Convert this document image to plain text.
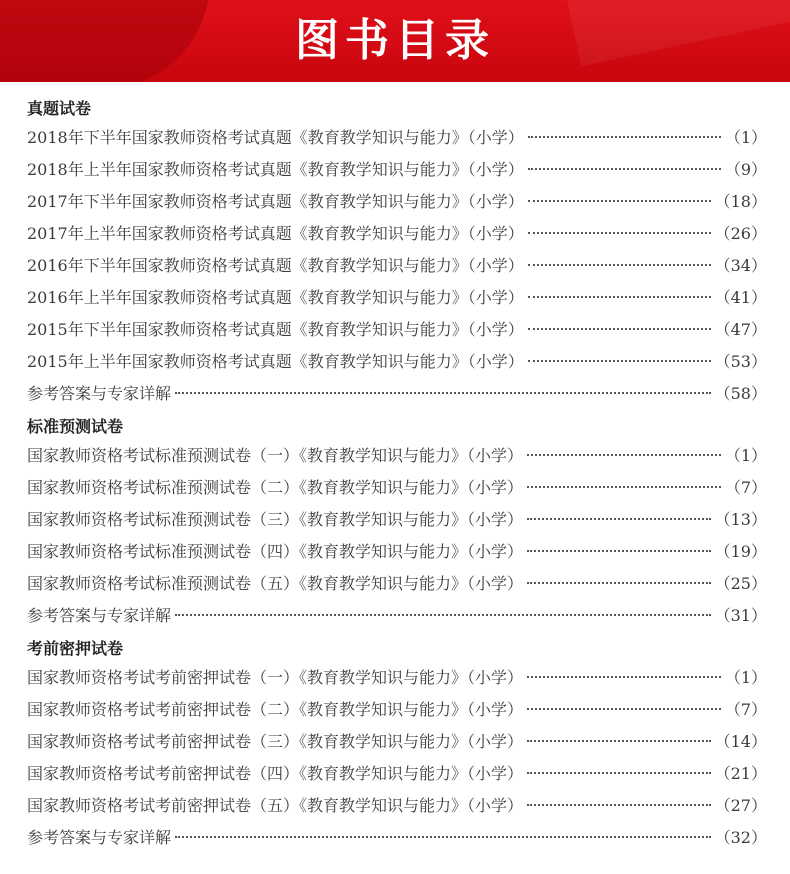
图书目录
真题试卷
2018年下半年国家教师资格考试真题《教育教学知识与能力》（小学）	（1）
2018年上半年国家教师资格考试真题《教育教学知识与能力》（小学）	（9）
2017年下半年国家教师资格考试真题《教育教学知识与能力》（小学）	（18）
2017年上半年国家教师资格考试真题《教育教学知识与能力》（小学）	（26）
2016年下半年国家教师资格考试真题《教育教学知识与能力》（小学）	（34）
2016年上半年国家教师资格考试真题《教育教学知识与能力》（小学）	（41）
2015年下半年国家教师资格考试真题《教育教学知识与能力》（小学）	（47）
2015年上半年国家教师资格考试真题《教育教学知识与能力》（小学）	（53）
参考答案与专家详解	（58）
标准预测试卷
国家教师资格考试标准预测试卷（一）《教育教学知识与能力》（小学）	（1）
国家教师资格考试标准预测试卷（二）《教育教学知识与能力》（小学）	（7）
国家教师资格考试标准预测试卷（三）《教育教学知识与能力》（小学）	（13）
国家教师资格考试标准预测试卷（四）《教育教学知识与能力》（小学）	（19）
国家教师资格考试标准预测试卷（五）《教育教学知识与能力》（小学）	（25）
参考答案与专家详解	（31）
考前密押试卷
国家教师资格考试考前密押试卷（一）《教育教学知识与能力》（小学）	（1）
国家教师资格考试考前密押试卷（二）《教育教学知识与能力》（小学）	（7）
国家教师资格考试考前密押试卷（三）《教育教学知识与能力》（小学）	（14）
国家教师资格考试考前密押试卷（四）《教育教学知识与能力》（小学）	（21）
国家教师资格考试考前密押试卷（五）《教育教学知识与能力》（小学）	（27）
参考答案与专家详解	（32）
